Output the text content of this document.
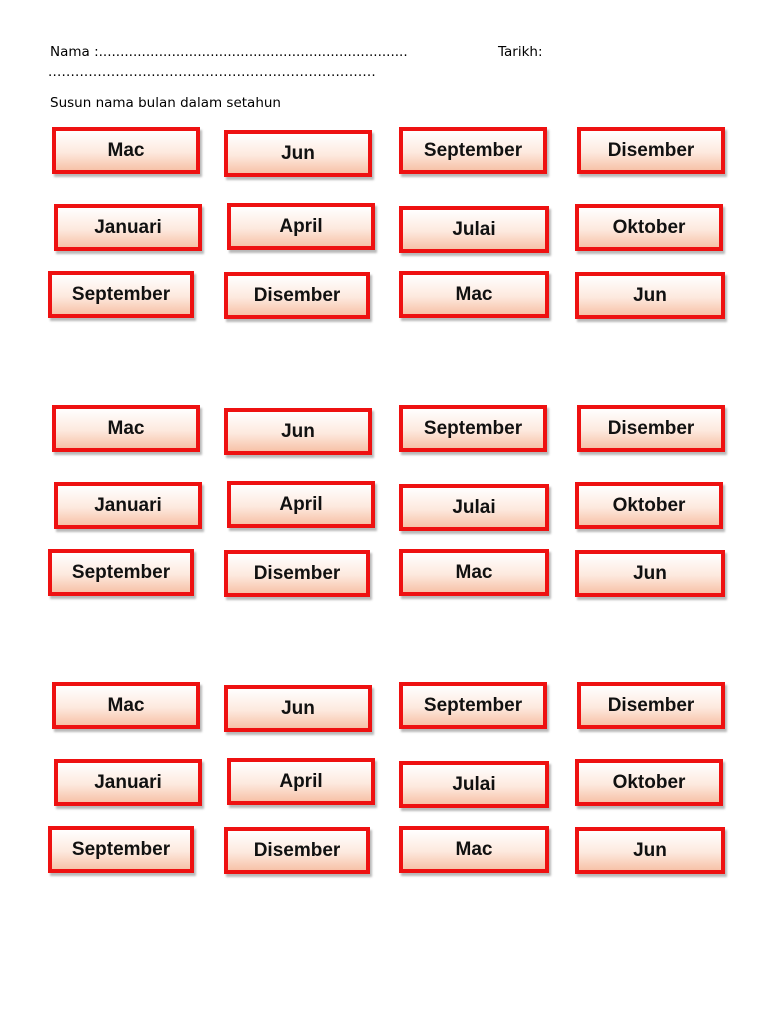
Nama :........................................................................	Tarikh:
.........................................................................
Susun nama bulan dalam setahun
Mac	Jun	September	Disember
Januari	April	Julai	Oktober
September	Disember	Mac	Jun
Mac	Jun	September	Disember
Januari	April	Julai	Oktober
September	Disember	Mac	Jun
Mac	Jun	September	Disember
Januari	April	Julai	Oktober
September	Disember	Mac	Jun
